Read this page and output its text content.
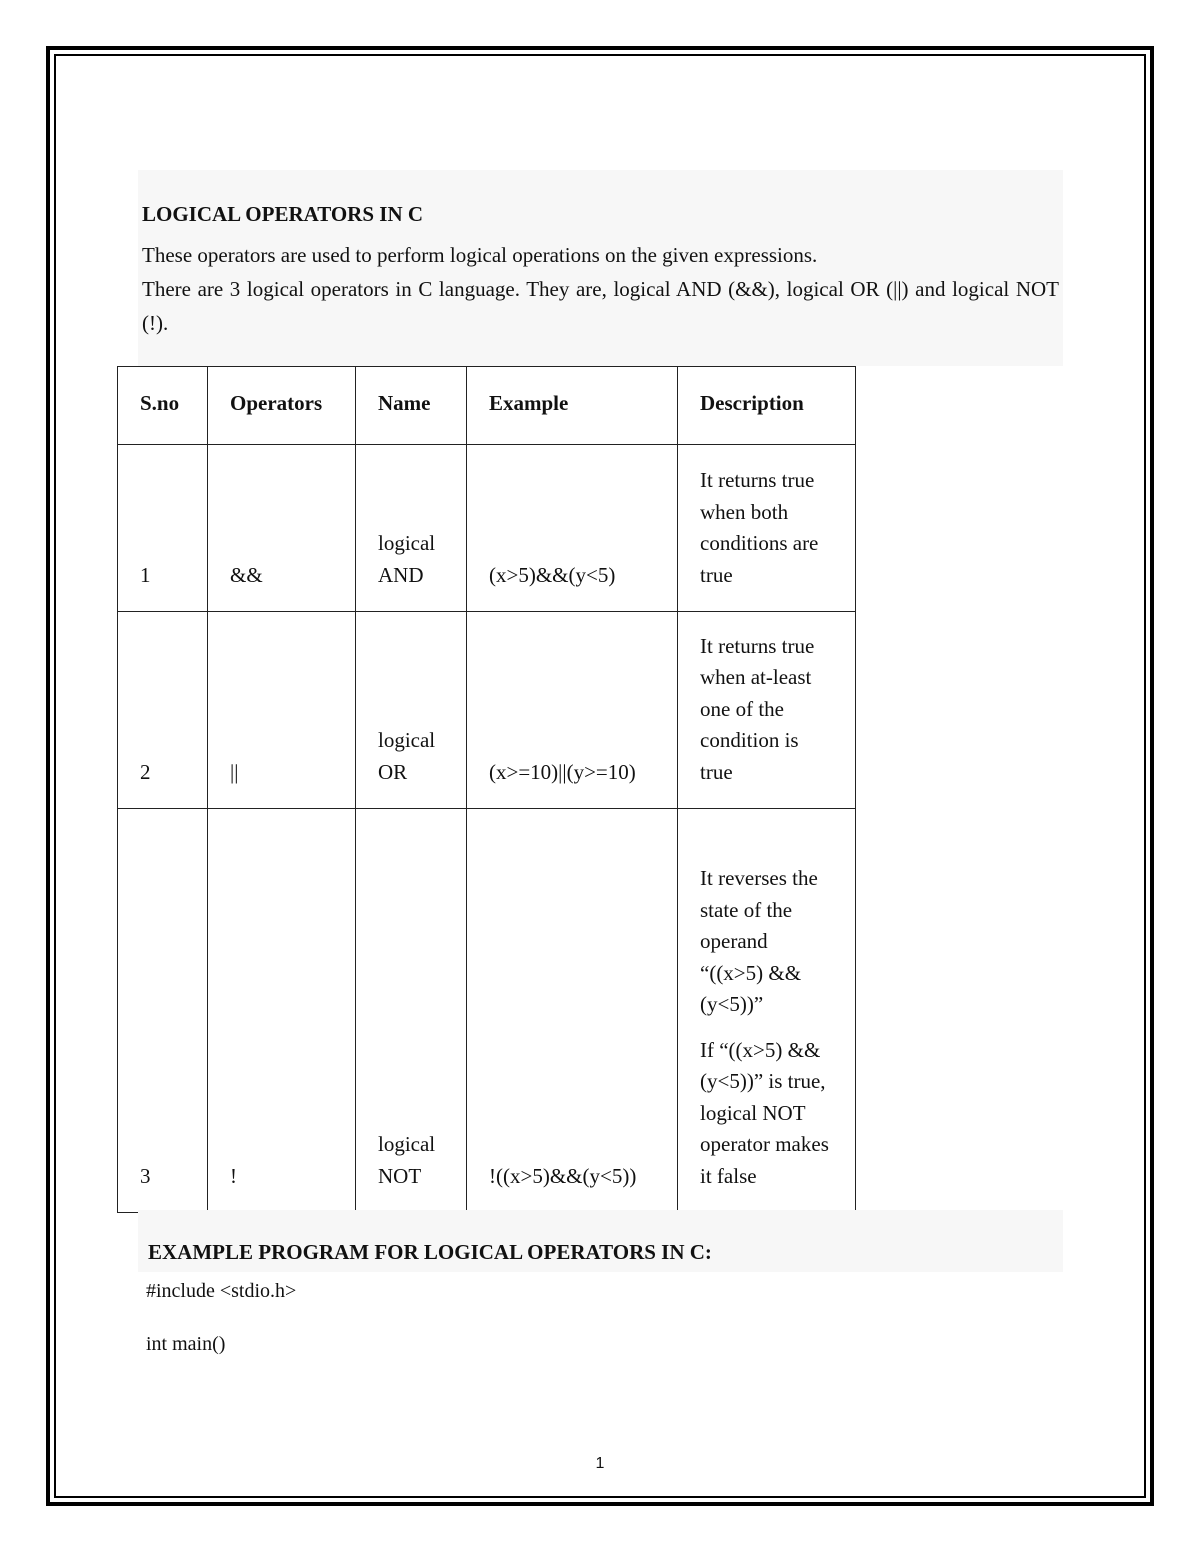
LOGICAL OPERATORS IN C

These operators are used to perform logical operations on the given expressions.

There are 3 logical operators in C language. They are, logical AND (&&), logical OR (||) and logical NOT (!).

S.no	Operators	Name	Example	Description
1	&&	logical AND	(x>5)&&(y<5)	It returns true when both conditions are true

2	||	logical OR	(x>=10)||(y>=10)	It returns true when at-least one of the condition is true

3	!	logical NOT	!((x>5)&&(y<5))	It reverses the state of the operand “((x>5) && (y<5))”

If “((x>5) && (y<5))” is true, logical NOT operator makes it false

EXAMPLE PROGRAM FOR LOGICAL OPERATORS IN C:
#include <stdio.h>
int main()
1
